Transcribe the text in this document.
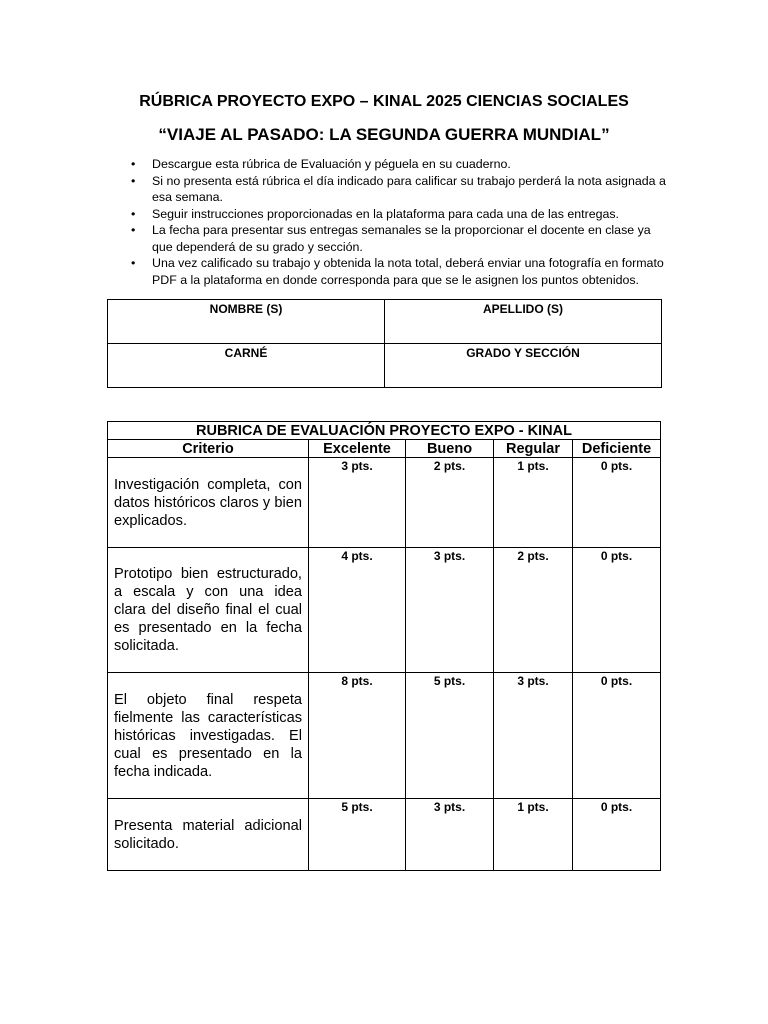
RÚBRICA PROYECTO EXPO – KINAL 2025 CIENCIAS SOCIALES
“VIAJE AL PASADO: LA SEGUNDA GUERRA MUNDIAL”
• Descargue esta rúbrica de Evaluación y péguela en su cuaderno.
• Si no presenta está rúbrica el día indicado para calificar su trabajo perderá la nota asignada a esa semana.
• Seguir instrucciones proporcionadas en la plataforma para cada una de las entregas.
• La fecha para presentar sus entregas semanales se la proporcionar el docente en clase ya que dependerá de su grado y sección.
• Una vez calificado su trabajo y obtenida la nota total, deberá enviar una fotografía en formato PDF a la plataforma en donde corresponda para que se le asignen los puntos obtenidos.
NOMBRE (S)	APELLIDO (S)
CARNÉ	GRADO Y SECCIÓN
RUBRICA DE EVALUACIÓN PROYECTO EXPO - KINAL				
Criterio	Excelente	Bueno	Regular	Deficiente
Investigación completa, con datos históricos claros y bien explicados.	3 pts.	2 pts.	1 pts.	0 pts.
Prototipo bien estructurado, a escala y con una idea clara del diseño final el cual es presentado en la fecha solicitada.	4 pts.	3 pts.	2 pts.	0 pts.
El objeto final respeta fielmente las características históricas investigadas. El cual es presentado en la fecha indicada.	8 pts.	5 pts.	3 pts.	0 pts.
Presenta material adicional solicitado.	5 pts.	3 pts.	1 pts.	0 pts.
